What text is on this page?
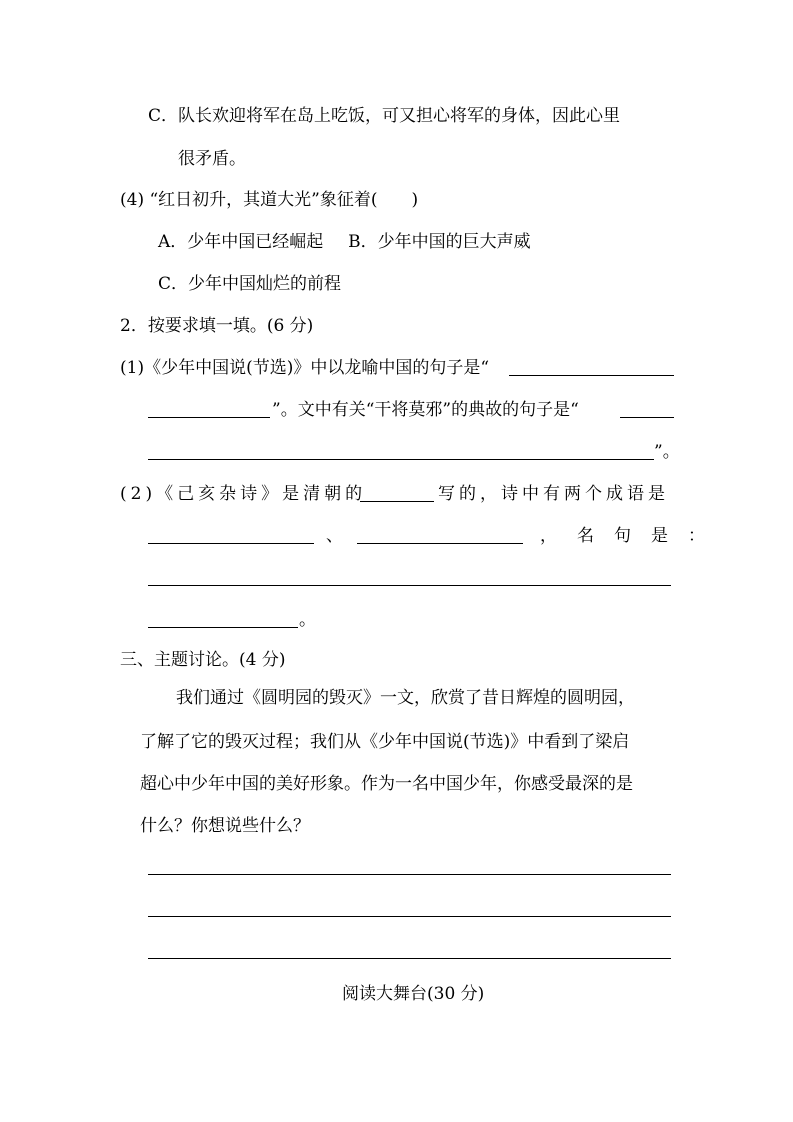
C．队长欢迎将军在岛上吃饭，可又担心将军的身体，因此心里
很矛盾。
(4) “红日初升，其道大光”象征着(　　)
A．少年中国已经崛起 B．少年中国的巨大声威
C．少年中国灿烂的前程
2．按要求填一填。(6 分)
(1)《少年中国说(节选)》中以龙喻中国的句子是“
”。文中有关“干将莫邪”的典故的句子是“
”。
(2)《己亥杂诗》是清朝的	写的，诗中有两个成语是
、	，名句是：
。
三、主题讨论。(4 分)
我们通过《圆明园的毁灭》一文，欣赏了昔日辉煌的圆明园，
了解了它的毁灭过程；我们从《少年中国说(节选)》中看到了梁启
超心中少年中国的美好形象。作为一名中国少年，你感受最深的是
什么？你想说些什么？
阅读大舞台(30 分)
